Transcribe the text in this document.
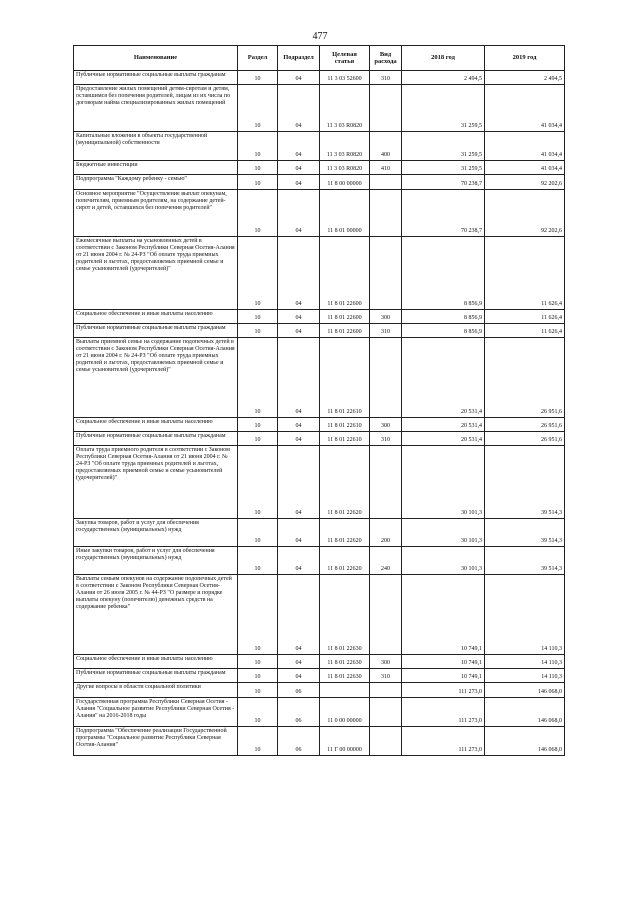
477
Наименование	Раздел	Подраздел	Целевая статья	Вид расхода	2018 год	2019 год
Публичные нормативные социальные выплаты гражданам	10	04	11 3 03 52600	310	2 494,5	2 494,5
Предоставление жилых помещений детям-сиротам и детям, оставшимся без попечения родителей, лицам из их числа по договорам найма специализированных жилых помещений	10	04	11 3 03 R0820		31 259,5	41 034,4
Капитальные вложения в объекты государственной (муниципальной) собственности	10	04	11 3 03 R0820	400	31 259,5	41 034,4
Бюджетные инвестиции	10	04	11 3 03 R0820	410	31 259,5	41 034,4
Подпрограмма "Каждому ребенку - семью"	10	04	11 8 00 00000		70 238,7	92 202,6
Основное мероприятие "Осуществление выплат опекунам, попечителям, приемным родителям, на содержание детей-сирот и детей, оставшихся без попечения родителей"	10	04	11 8 01 00000		70 238,7	92 202,6
Ежемесячные выплаты на усыновленных детей в соответствии с Законом Республики Северная Осетия-Алания от 21 июня 2004 г. № 24-РЗ "Об оплате труда приемных родителей и льготах, предоставляемых приемной семье и семье усыновителей (удочерителей)"	10	04	11 8 01 22600		8 856,9	11 626,4
Социальное обеспечение и иные выплаты населению	10	04	11 8 01 22600	300	8 856,9	11 626,4
Публичные нормативные социальные выплаты гражданам	10	04	11 8 01 22600	310	8 856,9	11 626,4
Выплаты приемной семье на содержание подопечных детей в соответствии с Законом Республики Северная Осетия-Алания от 21 июня 2004 г. № 24-РЗ "Об оплате труда приемных родителей и льготах, предоставляемых приемной семье и семье усыновителей (удочерителей)"	10	04	11 8 01 22610		20 531,4	26 951,6
Социальное обеспечение и иные выплаты населению	10	04	11 8 01 22610	300	20 531,4	26 951,6
Публичные нормативные социальные выплаты гражданам	10	04	11 8 01 22610	310	20 531,4	26 951,6
Оплата труда приемного родителя в соответствии с Законом Республики Северная Осетия-Алания от 21 июня 2004 г. № 24-РЗ "Об оплате труда приемных родителей и льготах, предоставляемых приемной семье и семье усыновителей (удочерителей)"	10	04	11 8 01 22620		30 101,3	39 514,3
Закупка товаров, работ и услуг для обеспечения государственных (муниципальных) нужд	10	04	11 8 01 22620	200	30 101,3	39 514,3
Иные закупки товаров, работ и услуг для обеспечения государственных (муниципальных) нужд	10	04	11 8 01 22620	240	30 101,3	39 514,3
Выплаты семьям опекунов на содержание подопечных детей в соответствии с Законом Республики Северная Осетия-Алания от 26 июля 2005 г. № 44-РЗ "О размере и порядке выплаты опекуну (попечителю) денежных средств на содержание ребенка"	10	04	11 8 01 22630		10 749,1	14 110,3
Социальное обеспечение и иные выплаты населению	10	04	11 8 01 22630	300	10 749,1	14 110,3
Публичные нормативные социальные выплаты гражданам	10	04	11 8 01 22630	310	10 749,1	14 110,3
Другие вопросы в области социальной политики	10	06			111 273,0	146 068,0
Государственная программа Республики Северная Осетия - Алания "Социальное развитие Республики Северная Осетия - Алания" на 2016-2018 годы	10	06	11 0 00 00000		111 273,0	146 068,0
Подпрограмма "Обеспечение реализации Государственной программы "Социальное развитие Республики Северная Осетия-Алания"	10	06	11 Г 00 00000		111 273,0	146 068,0
